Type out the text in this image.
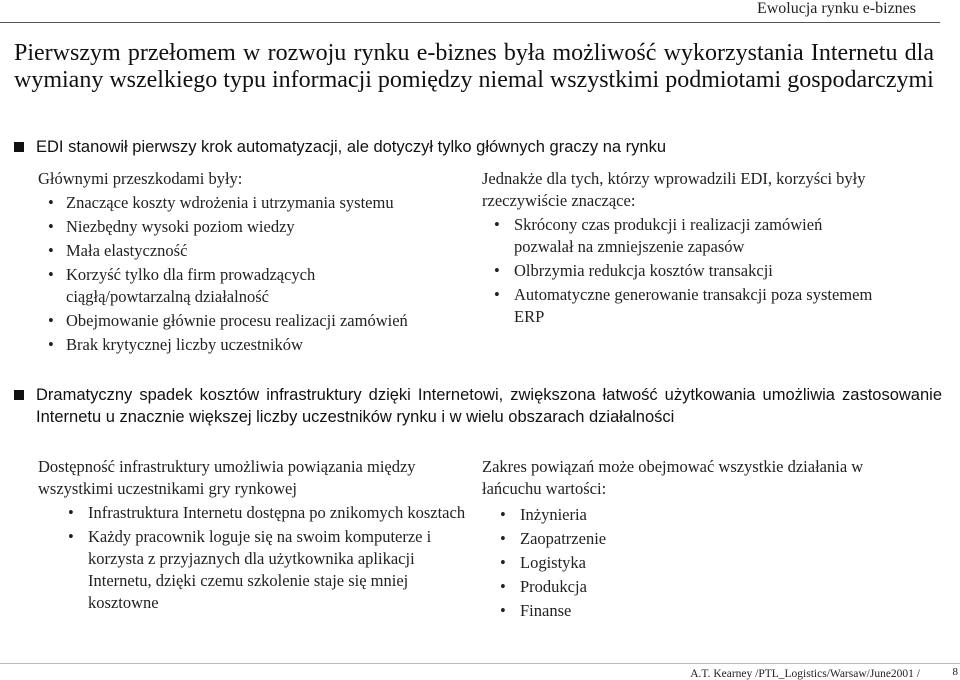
Ewolucja rynku e-biznes
Pierwszym przełomem w rozwoju rynku e-biznes była możliwość wykorzystania Internetu dla wymiany wszelkiego typu informacji pomiędzy niemal wszystkimi podmiotami gospodarczymi
EDI stanowił pierwszy krok automatyzacji, ale dotyczył tylko głównych graczy na rynku

Głównymi przeszkodami były:

• Znaczące koszty wdrożenia i utrzymania systemu
• Niezbędny wysoki poziom wiedzy
• Mała elastyczność
• Korzyść tylko dla firm prowadzących ciągłą/powtarzalną działalność
• Obejmowanie głównie procesu realizacji zamówień
• Brak krytycznej liczby uczestników

Jednakże dla tych, którzy wprowadzili EDI, korzyści były rzeczywiście znaczące:

• Skrócony czas produkcji i realizacji zamówień pozwalał na zmniejszenie zapasów
• Olbrzymia redukcja kosztów transakcji
• Automatyczne generowanie transakcji poza systemem ERP
Dramatyczny spadek kosztów infrastruktury dzięki Internetowi, zwiększona łatwość użytkowania umożliwia zastosowanie Internetu u znacznie większej liczby uczestników rynku i w wielu obszarach działalności

Dostępność infrastruktury umożliwia powiązania między wszystkimi uczestnikami gry rynkowej

• Infrastruktura Internetu dostępna po znikomych kosztach
• Każdy pracownik loguje się na swoim komputerze i korzysta z przyjaznych dla użytkownika aplikacji Internetu, dzięki czemu szkolenie staje się mniej kosztowne

Zakres powiązań może obejmować wszystkie działania w łańcuchu wartości:

• Inżynieria
• Zaopatrzenie
• Logistyka
• Produkcja
• Finanse
A.T. Kearney /PTL_Logistics/Warsaw/June2001 /	8
